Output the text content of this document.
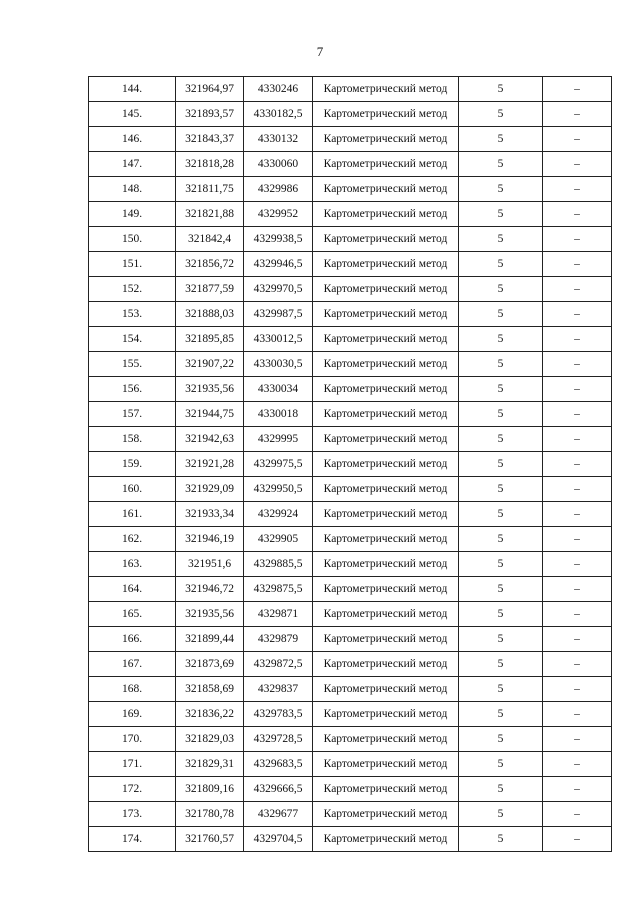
7
144.	321964,97	4330246	Картометрический метод	5	–
145.	321893,57	4330182,5	Картометрический метод	5	–
146.	321843,37	4330132	Картометрический метод	5	–
147.	321818,28	4330060	Картометрический метод	5	–
148.	321811,75	4329986	Картометрический метод	5	–
149.	321821,88	4329952	Картометрический метод	5	–
150.	321842,4	4329938,5	Картометрический метод	5	–
151.	321856,72	4329946,5	Картометрический метод	5	–
152.	321877,59	4329970,5	Картометрический метод	5	–
153.	321888,03	4329987,5	Картометрический метод	5	–
154.	321895,85	4330012,5	Картометрический метод	5	–
155.	321907,22	4330030,5	Картометрический метод	5	–
156.	321935,56	4330034	Картометрический метод	5	–
157.	321944,75	4330018	Картометрический метод	5	–
158.	321942,63	4329995	Картометрический метод	5	–
159.	321921,28	4329975,5	Картометрический метод	5	–
160.	321929,09	4329950,5	Картометрический метод	5	–
161.	321933,34	4329924	Картометрический метод	5	–
162.	321946,19	4329905	Картометрический метод	5	–
163.	321951,6	4329885,5	Картометрический метод	5	–
164.	321946,72	4329875,5	Картометрический метод	5	–
165.	321935,56	4329871	Картометрический метод	5	–
166.	321899,44	4329879	Картометрический метод	5	–
167.	321873,69	4329872,5	Картометрический метод	5	–
168.	321858,69	4329837	Картометрический метод	5	–
169.	321836,22	4329783,5	Картометрический метод	5	–
170.	321829,03	4329728,5	Картометрический метод	5	–
171.	321829,31	4329683,5	Картометрический метод	5	–
172.	321809,16	4329666,5	Картометрический метод	5	–
173.	321780,78	4329677	Картометрический метод	5	–
174.	321760,57	4329704,5	Картометрический метод	5	–
